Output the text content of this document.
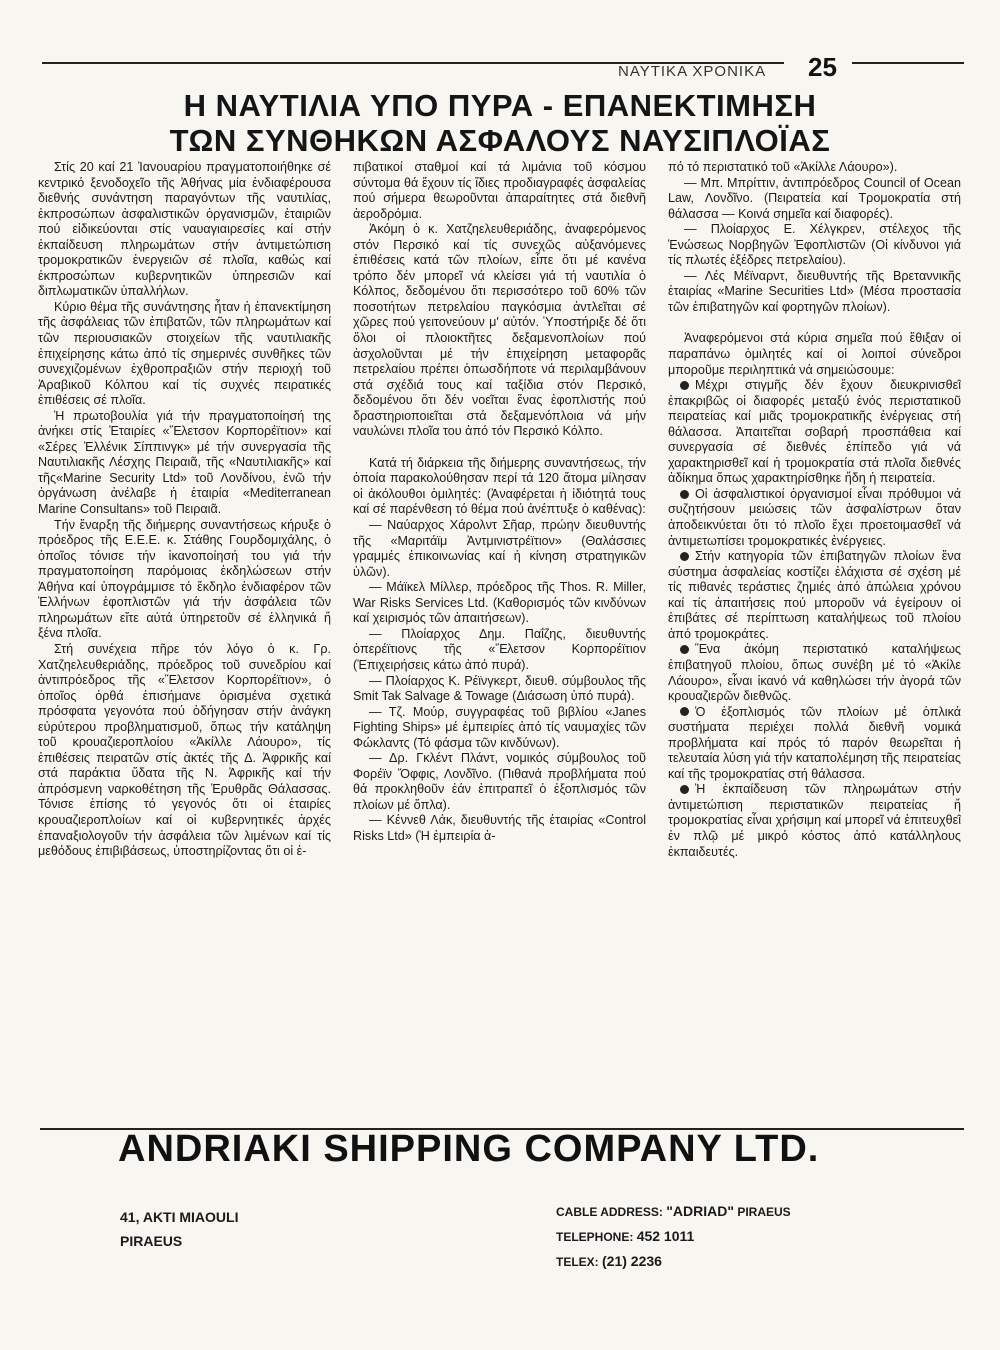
ΝΑΥΤΙΚΑ ΧΡΟΝΙΚΑ 25
Η ΝΑΥΤΙΛΙΑ ΥΠΟ ΠΥΡΑ - ΕΠΑΝΕΚΤΙΜΗΣΗ
ΤΩΝ ΣΥΝΘΗΚΩΝ ΑΣΦΑΛΟΥΣ ΝΑΥΣΙΠΛΟΪΑΣ

Στίς 20 καί 21 Ἰανουαρίου πραγματοποιήθηκε σέ κεντρικό ξενοδοχεῖο τῆς Ἀθήνας μία ἐνδιαφέρουσα διεθνής συνάντηση παραγόντων τῆς ναυτιλίας, ἐκπροσώπων ἀσφαλιστικῶν ὀργανισμῶν, ἑταιριῶν πού εἰδικεύονται στίς ναυαγιαιρεσίες καί στήν ἐκπαίδευση πληρωμάτων στήν ἀντιμετώπιση τρομοκρατικῶν ἐνεργειῶν σέ πλοῖα, καθώς καί ἐκπροσώπων κυβερνητικῶν ὑπηρεσιῶν καί διπλωματικῶν ὑπαλλήλων.

Κύριο θέμα τῆς συνάντησης ἦταν ἡ ἐπανεκτίμηση τῆς ἀσφάλειας τῶν ἐπιβατῶν, τῶν πληρωμάτων καί τῶν περιουσιακῶν στοιχείων τῆς ναυτιλιακῆς ἐπιχείρησης κάτω ἀπό τίς σημερινές συνθῆκες τῶν συνεχιζομένων ἐχθροπραξιῶν στήν περιοχή τοῦ Ἀραβικοῦ Κόλπου καί τίς συχνές πειρατικές ἐπιθέσεις σέ πλοῖα.

Ἡ πρωτοβουλία γιά τήν πραγματοποίησή της ἀνήκει στίς Ἑταιρίες «Ἕλετσον Κορπορέϊτιον» καί «Σέρες Ἐλλένικ Σίππινγκ» μέ τήν συνεργασία τῆς Ναυτιλιακῆς Λέσχης Πειραιᾶ, τῆς «Ναυτιλιακῆς» καί τῆς«Marine Security Ltd» τοῦ Λονδίνου, ἐνῶ τήν ὀργάνωση ἀνέλαβε ἡ ἑταιρία «Mediterranean Marine Consultans» τοῦ Πειραιᾶ.

Τήν ἔναρξη τῆς διήμερης συναντήσεως κήρυξε ὁ πρόεδρος τῆς Ε.Ε.Ε. κ. Στάθης Γουρδομιχάλης, ὁ ὁποῖος τόνισε τήν ἱκανοποίησή του γιά τήν πραγματοποίηση παρόμοιας ἐκδηλώσεων στήν Ἀθήνα καί ὑπογράμμισε τό ἔκδηλο ἐνδιαφέρον τῶν Ἑλλήνων ἐφοπλιστῶν γιά τήν ἀσφάλεια τῶν πληρωμάτων εἴτε αὐτά ὑπηρετοῦν σέ ἑλληνικά ἤ ξένα πλοῖα.

Στή συνέχεια πῆρε τόν λόγο ὁ κ. Γρ. Χατζηελευθεριάδης, πρόεδρος τοῦ συνεδρίου καί ἀντιπρόεδρος τῆς «Ἕλετσον Κορπορέϊτιον», ὁ ὁποῖος ὀρθά ἐπισήμανε ὁρισμένα σχετικά πρόσφατα γεγονότα πού ὁδήγησαν στήν ἀνάγκη εὐρύτερου προβληματισμοῦ, ὅπως τήν κατάληψη τοῦ κρουαζιεροπλοίου «Ἀκίλλε Λάουρο», τίς ἐπιθέσεις πειρατῶν στίς ἀκτές τῆς Δ. Ἀφρικῆς καί στά παράκτια ὕδατα τῆς Ν. Ἀφρικῆς καί τήν ἀπρόσμενη ναρκοθέτηση τῆς Ἐρυθρᾶς Θάλασσας. Τόνισε ἐπίσης τό γεγονός ὅτι οἱ ἑταιρίες κρουαζιεροπλοίων καί οἱ κυβερνητικές ἀρχές ἐπαναξιολογοῦν τήν ἀσφάλεια τῶν λιμένων καί τίς μεθόδους ἐπιβιβάσεως, ὑποστηρίζοντας ὅτι οἱ ἐ-

πιβατικοί σταθμοί καί τά λιμάνια τοῦ κόσμου σύντομα θά ἔχουν τίς ἴδιες προδιαγραφές ἀσφαλείας πού σήμερα θεωροῦνται ἀπαραίτητες στά διεθνῆ ἀεροδρόμια.

Ἀκόμη ὁ κ. Χατζηελευθεριάδης, ἀναφερόμενος στόν Περσικό καί τίς συνεχῶς αὐξανόμενες ἐπιθέσεις κατά τῶν πλοίων, εἶπε ὅτι μέ κανένα τρόπο δέν μπορεῖ νά κλείσει γιά τή ναυτιλία ὁ Κόλπος, δεδομένου ὅτι περισσότερο τοῦ 60% τῶν ποσοτήτων πετρελαίου παγκόσμια ἀντλεῖται σέ χῶρες πού γειτονεύουν μ' αὐτόν. Ὑποστήριξε δέ ὅτι ὅλοι οἱ πλοιοκτῆτες δεξαμενοπλοίων πού ἀσχολοῦνται μέ τήν ἐπιχείρηση μεταφορᾶς πετρελαίου πρέπει ὁπωσδήποτε νά περιλαμβάνουν στά σχέδιά τους καί ταξίδια στόν Περσικό, δεδομένου ὅτι δέν νοεῖται ἕνας ἐφοπλιστής πού δραστηριοποιεῖται στά δεξαμενόπλοια νά μήν ναυλώνει πλοῖα του ἀπό τόν Περσικό Κόλπο.

Κατά τή διάρκεια τῆς διήμερης συναντήσεως, τήν ὁποία παρακολούθησαν περί τά 120 ἄτομα μίλησαν οἱ ἀκόλουθοι ὁμιλητές: (Ἀναφέρεται ἡ ἰδιότητά τους καί σέ παρένθεση τό θέμα πού ἀνέπτυξε ὁ καθένας):

— Ναύαρχος Χάρολντ Σῆαρ, πρώην διευθυντής τῆς «Μαριτάϊμ Ἀντμινιστρέϊτιον» (Θαλάσσιες γραμμές ἐπικοινωνίας καί ἡ κίνηση στρατηγικῶν ὑλῶν).

— Μάϊκελ Μίλλερ, πρόεδρος τῆς Thos. R. Miller, War Risks Services Ltd. (Καθορισμός τῶν κινδύνων καί χειρισμός τῶν ἀπαιτήσεων).

— Πλοίαρχος Δημ. Παΐζης, διευθυντής ὀπερέϊτιονς τῆς «Ἕλετσον Κορπορέϊτιον (Ἐπιχειρήσεις κάτω ἀπό πυρά).

— Πλοίαρχος Κ. Ρέϊνγκερτ, διευθ. σύμβουλος τῆς Smit Tak Salvage & Towage (Διάσωση ὑπό πυρά).

— Τζ. Μούρ, συγγραφέας τοῦ βιβλίου «Janes Fighting Ships» μέ ἐμπειρίες ἀπό τίς ναυμαχίες τῶν Φώκλαντς (Τό φάσμα τῶν κινδύνων).

— Δρ. Γκλέντ Πλάντ, νομικός σύμβουλος τοῦ Φορέϊν Ὄφφις, Λονδῖνο. (Πιθανά προβλήματα πού θά προκληθοῦν ἐάν ἐπιτραπεῖ ὁ ἐξοπλισμός τῶν πλοίων μέ ὅπλα).

— Κέννεθ Λάκ, διευθυντής τῆς ἑταιρίας «Control Risks Ltd» (Ἡ ἐμπειρία ἀ-

πό τό περιστατικό τοῦ «Ἀκίλλε Λάουρο»).

— Μπ. Μπρίττιν, ἀντιπρόεδρος Council of Ocean Law, Λονδῖνο. (Πειρατεία καί Τρομοκρατία στή θάλασσα — Κοινά σημεῖα καί διαφορές).

— Πλοίαρχος Ε. Χέλγκρεν, στέλεχος τῆς Ἑνώσεως Νορβηγῶν Ἐφοπλιστῶν (Οἱ κίνδυνοι γιά τίς πλωτές ἐξέδρες πετρελαίου).

— Λές Μέϊναρντ, διευθυντής τῆς Βρεταννικῆς ἑταιρίας «Marine Securities Ltd» (Μέσα προστασία τῶν ἐπιβατηγῶν καί φορτηγῶν πλοίων).

Ἀναφερόμενοι στά κύρια σημεῖα πού ἔθιξαν οἱ παραπάνω ὁμιλητές καί οἱ λοιποί σύνεδροι μποροῦμε περιληπτικά νά σημειώσουμε:

Μέχρι στιγμῆς δέν ἔχουν διευκρινισθεῖ ἐπακριβῶς οἱ διαφορές μεταξύ ἑνός περιστατικοῦ πειρατείας καί μιᾶς τρομοκρατικῆς ἐνέργειας στή θάλασσα. Ἀπαιτεῖται σοβαρή προσπάθεια καί συνεργασία σέ διεθνές ἐπίπεδο γιά νά χαρακτηρισθεῖ καί ἡ τρομοκρατία στά πλοῖα διεθνές ἀδίκημα ὅπως χαρακτηρίσθηκε ἤδη ἡ πειρατεία.

Οἱ ἀσφαλιστικοί ὀργανισμοί εἶναι πρόθυμοι νά συζητήσουν μειώσεις τῶν ἀσφαλίστρων ὅταν ἀποδεικνύεται ὅτι τό πλοῖο ἔχει προετοιμασθεῖ νά ἀντιμετωπίσει τρομοκρατικές ἐνέργειες.

Στήν κατηγορία τῶν ἐπιβατηγῶν πλοίων ἕνα σύστημα ἀσφαλείας κοστίζει ἐλάχιστα σέ σχέση μέ τίς πιθανές τεράστιες ζημιές ἀπό ἀπώλεια χρόνου καί τίς ἀπαιτήσεις πού μποροῦν νά ἐγείρουν οἱ ἐπιβάτες σέ περίπτωση καταλήψεως τοῦ πλοίου ἀπό τρομοκράτες.

Ἕνα ἀκόμη περιστατικό καταλήψεως ἐπιβατηγοῦ πλοίου, ὅπως συνέβη μέ τό «Ἀκίλε Λάουρο», εἶναι ἱκανό νά καθηλώσει τήν ἀγορά τῶν κρουαζιερῶν διεθνῶς.

Ὁ ἐξοπλισμός τῶν πλοίων μέ ὁπλικά συστήματα περιέχει πολλά διεθνῆ νομικά προβλήματα καί πρός τό παρόν θεωρεῖται ἡ τελευταία λύση γιά τήν καταπολέμηση τῆς πειρατείας καί τῆς τρομοκρατίας στή θάλασσα.

Ἡ ἐκπαίδευση τῶν πληρωμάτων στήν ἀντιμετώπιση περιστατικῶν πειρατείας ἤ τρομοκρατίας εἶναι χρήσιμη καί μπορεῖ νά ἐπιτευχθεῖ ἐν πλῷ μέ μικρό κόστος ἀπό κατάλληλους ἐκπαιδευτές.

ANDRIAKI SHIPPING COMPANY LTD.
41, AKTI MIAOULI
PIRAEUS
CABLE ADDRESS: "ADRIAD" PIRAEUS
TELEPHONE: 452 1011
TELEX: (21) 2236
